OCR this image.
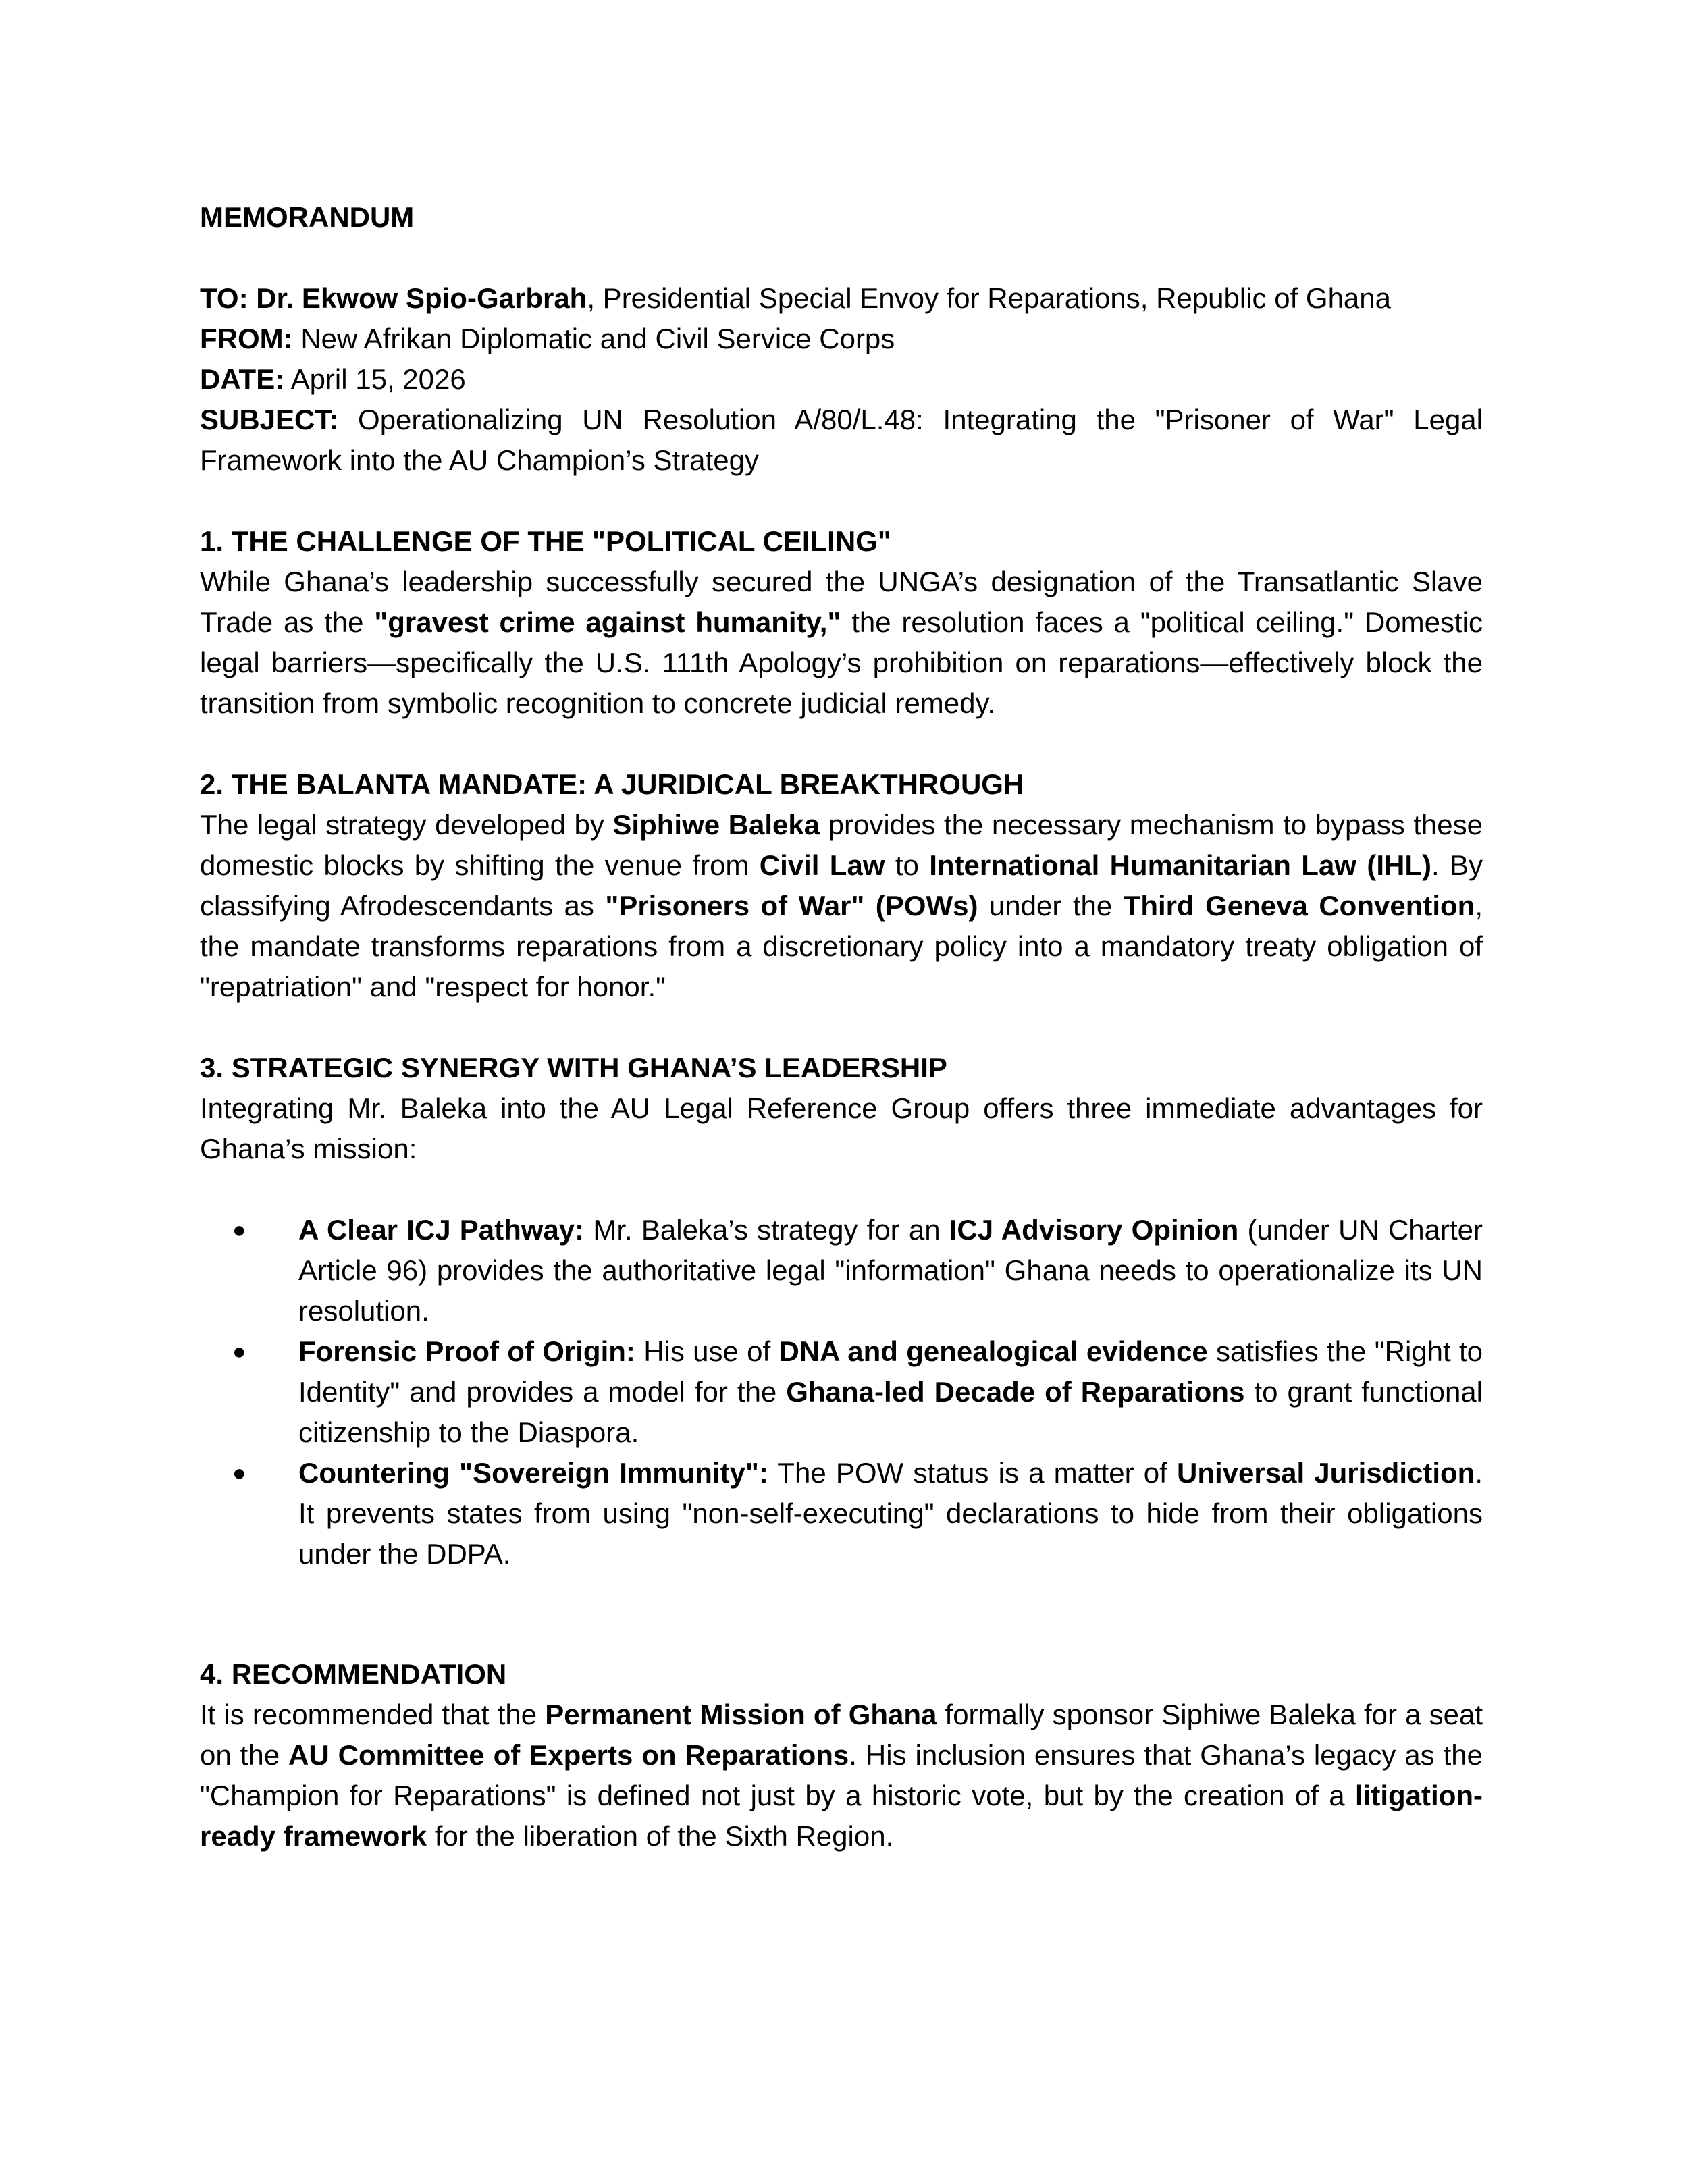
MEMORANDUM

TO: Dr. Ekwow Spio-Garbrah, Presidential Special Envoy for Reparations, Republic of Ghana

FROM: New Afrikan Diplomatic and Civil Service Corps

DATE: April 15, 2026

SUBJECT: Operationalizing UN Resolution A/80/L.48: Integrating the "Prisoner of War" Legal Framework into the AU Champion’s Strategy

1. THE CHALLENGE OF THE "POLITICAL CEILING"

While Ghana’s leadership successfully secured the UNGA’s designation of the Transatlantic Slave Trade as the "gravest crime against humanity," the resolution faces a "political ceiling." Domestic legal barriers—specifically the U.S. 111th Apology’s prohibition on reparations—effectively block the transition from symbolic recognition to concrete judicial remedy.

2. THE BALANTA MANDATE: A JURIDICAL BREAKTHROUGH

The legal strategy developed by Siphiwe Baleka provides the necessary mechanism to bypass these domestic blocks by shifting the venue from Civil Law to International Humanitarian Law (IHL). By classifying Afrodescendants as "Prisoners of War" (POWs) under the Third Geneva Convention, the mandate transforms reparations from a discretionary policy into a mandatory treaty obligation of "repatriation" and "respect for honor."

3. STRATEGIC SYNERGY WITH GHANA’S LEADERSHIP

Integrating Mr. Baleka into the AU Legal Reference Group offers three immediate advantages for Ghana’s mission:

● A Clear ICJ Pathway: Mr. Baleka’s strategy for an ICJ Advisory Opinion (under UN Charter Article 96) provides the authoritative legal "information" Ghana needs to operationalize its UN resolution.
● Forensic Proof of Origin: His use of DNA and genealogical evidence satisfies the "Right to Identity" and provides a model for the Ghana-led Decade of Reparations to grant functional citizenship to the Diaspora.
● Countering "Sovereign Immunity": The POW status is a matter of Universal Jurisdiction. It prevents states from using "non-self-executing" declarations to hide from their obligations under the DDPA.

4. RECOMMENDATION

It is recommended that the Permanent Mission of Ghana formally sponsor Siphiwe Baleka for a seat on the AU Committee of Experts on Reparations. His inclusion ensures that Ghana’s legacy as the "Champion for Reparations" is defined not just by a historic vote, but by the creation of a litigation-ready framework for the liberation of the Sixth Region.
